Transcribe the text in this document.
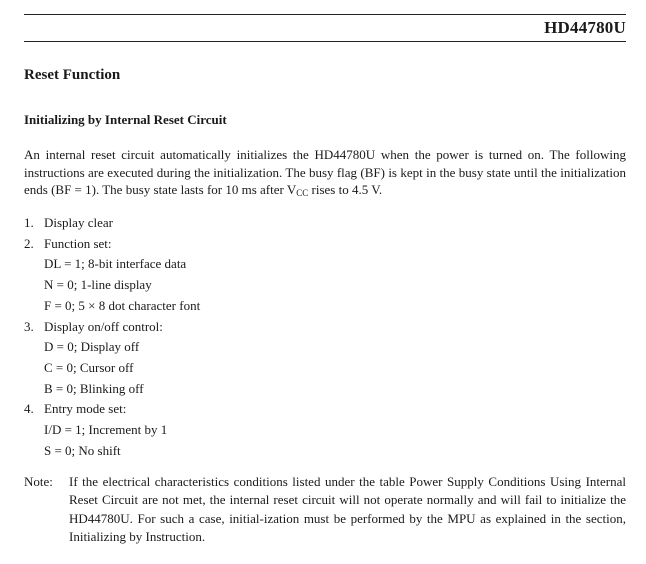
HD44780U
Reset Function
Initializing by Internal Reset Circuit
An internal reset circuit automatically initializes the HD44780U when the power is turned on. The following instructions are executed during the initialization. The busy flag (BF) is kept in the busy state until the initialization ends (BF = 1). The busy state lasts for 10 ms after $V_{CC}$ rises to 4.5 V.
1. Display clear
2. Function set:
DL = 1; 8-bit interface data
N = 0; 1-line display
F = 0; 5 × 8 dot character font
3. Display on/off control:
D = 0; Display off
C = 0; Cursor off
B = 0; Blinking off
4. Entry mode set:
I/D = 1; Increment by 1
S = 0; No shift
Note:	If the electrical characteristics conditions listed under the table Power Supply Conditions Using Internal Reset Circuit are not met, the internal reset circuit will not operate normally and will fail to initialize the HD44780U. For such a case, initial-ization must be performed by the MPU as explained in the section, Initializing by Instruction.
